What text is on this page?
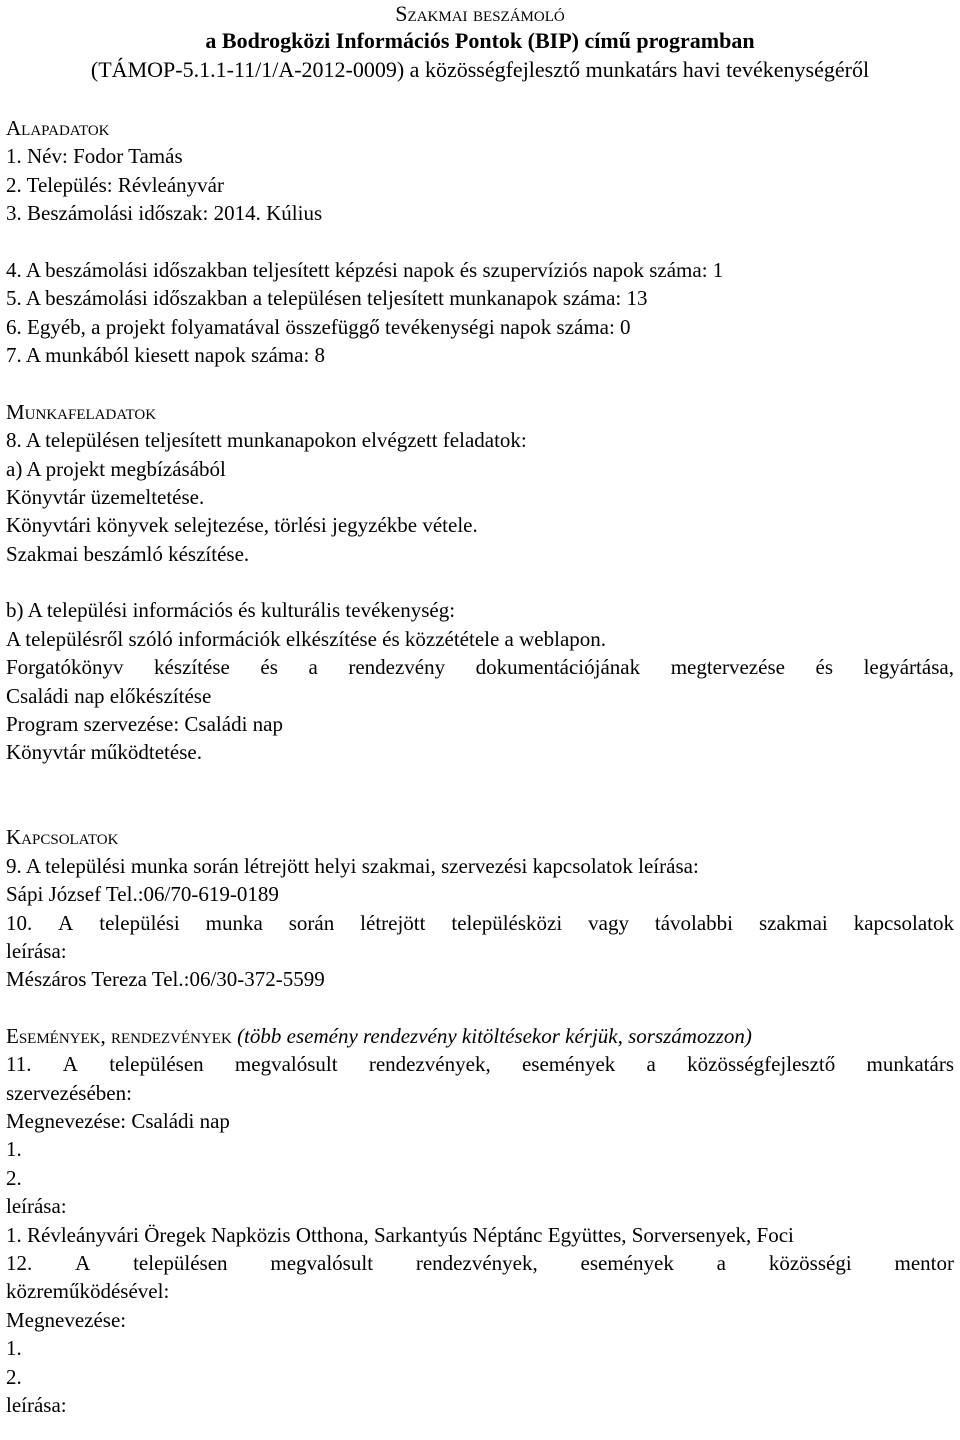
Szakmai beszámoló
a Bodrogközi Információs Pontok (BIP) című programban
(TÁMOP-5.1.1-11/1/A-2012-0009) a közösségfejlesztő munkatárs havi tevékenységéről
Alapadatok
1. Név: Fodor Tamás
2. Település: Révleányvár
3. Beszámolási időszak: 2014. Kúlius
4. A beszámolási időszakban teljesített képzési napok és szupervíziós napok száma: 1
5. A beszámolási időszakban a településen teljesített munkanapok száma: 13
6. Egyéb, a projekt folyamatával összefüggő tevékenységi napok száma: 0
7. A munkából kiesett napok száma: 8
Munkafeladatok
8. A településen teljesített munkanapokon elvégzett feladatok:
a) A projekt megbízásából
Könyvtár üzemeltetése.
Könyvtári könyvek selejtezése, törlési jegyzékbe vétele.
Szakmai beszámló készítése.
b) A települési információs és kulturális tevékenység:
A településről szóló információk elkészítése és közzététele a weblapon.
Forgatókönyv készítése és a rendezvény dokumentációjának megtervezése és legyártása,
Családi nap előkészítése
Program szervezése: Családi nap
Könyvtár működtetése.
Kapcsolatok
9. A települési munka során létrejött helyi szakmai, szervezési kapcsolatok leírása:
Sápi József Tel.:06/70-619-0189
10. A települési munka során létrejött településközi vagy távolabbi szakmai kapcsolatok
leírása:
Mészáros Tereza Tel.:06/30-372-5599
Események, rendezvények (több esemény rendezvény kitöltésekor kérjük, sorszámozzon)
11. A településen megvalósult rendezvények, események a közösségfejlesztő munkatárs
szervezésében:
Megnevezése: Családi nap
1.
2.
leírása:
1. Révleányvári Öregek Napközis Otthona, Sarkantyús Néptánc Együttes, Sorversenyek, Foci
12. A településen megvalósult rendezvények, események a közösségi mentor
közreműködésével:
Megnevezése:
1.
2.
leírása:
